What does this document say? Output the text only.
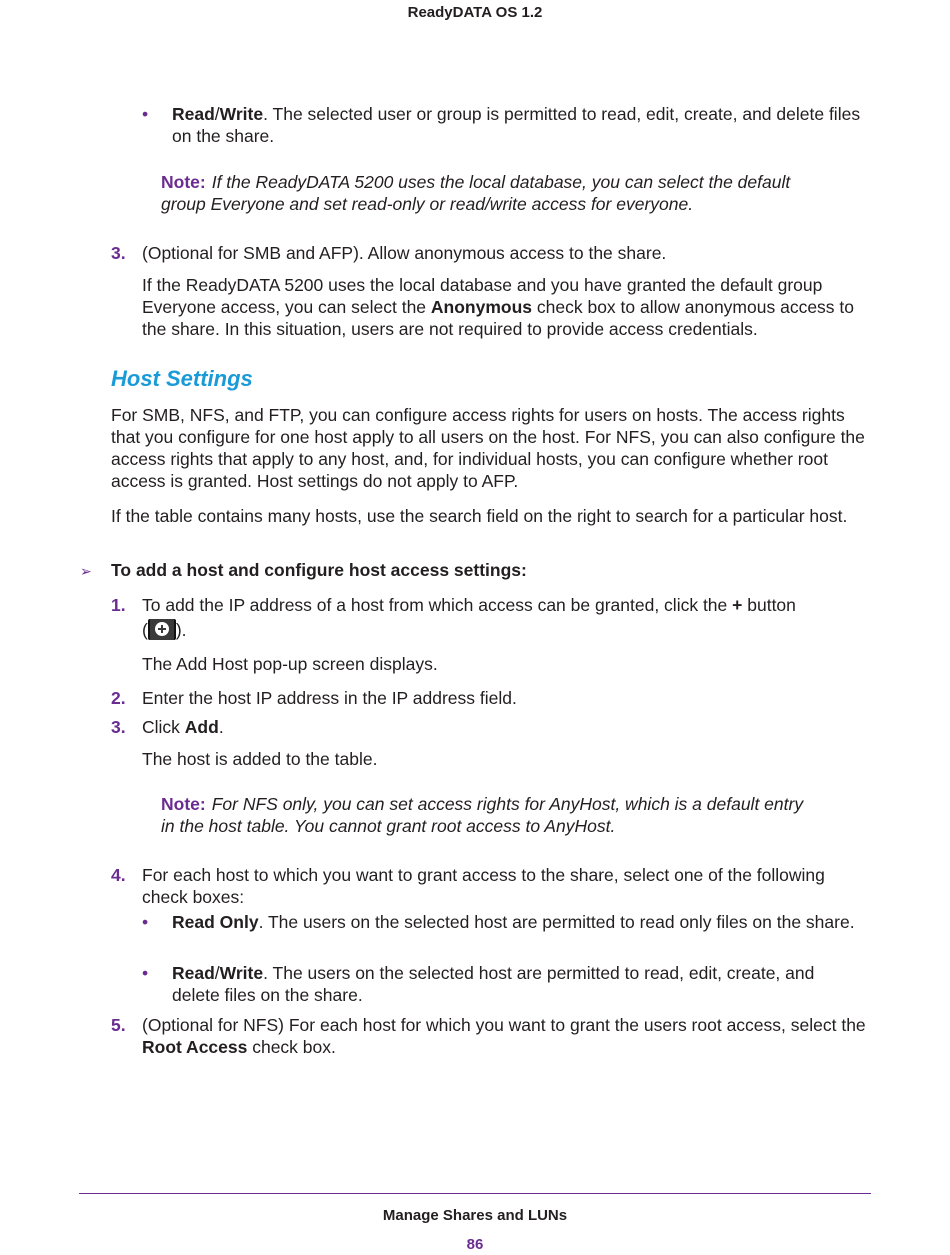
ReadyDATA OS 1.2
• Read/Write. The selected user or group is permitted to read, edit, create, and delete files on the share.
Note: If the ReadyDATA 5200 uses the local database, you can select the default group Everyone and set read-only or read/write access for everyone.
3. (Optional for SMB and AFP). Allow anonymous access to the share.
If the ReadyDATA 5200 uses the local database and you have granted the default group Everyone access, you can select the Anonymous check box to allow anonymous access to the share. In this situation, users are not required to provide access credentials.
Host Settings
For SMB, NFS, and FTP, you can configure access rights for users on hosts. The access rights that you configure for one host apply to all users on the host. For NFS, you can also configure the access rights that apply to any host, and, for individual hosts, you can configure whether root access is granted. Host settings do not apply to AFP.
If the table contains many hosts, use the search field on the right to search for a particular host.
➢ To add a host and configure host access settings:
1. To add the IP address of a host from which access can be granted, click the + button
( ).
The Add Host pop-up screen displays.
2. Enter the host IP address in the IP address field.
3. Click Add.
The host is added to the table.
Note: For NFS only, you can set access rights for AnyHost, which is a default entry in the host table. You cannot grant root access to AnyHost.
4. For each host to which you want to grant access to the share, select one of the following check boxes:
• Read Only. The users on the selected host are permitted to read only files on the share.
• Read/Write. The users on the selected host are permitted to read, edit, create, and delete files on the share.
5. (Optional for NFS) For each host for which you want to grant the users root access, select the Root Access check box.
Manage Shares and LUNs
86
